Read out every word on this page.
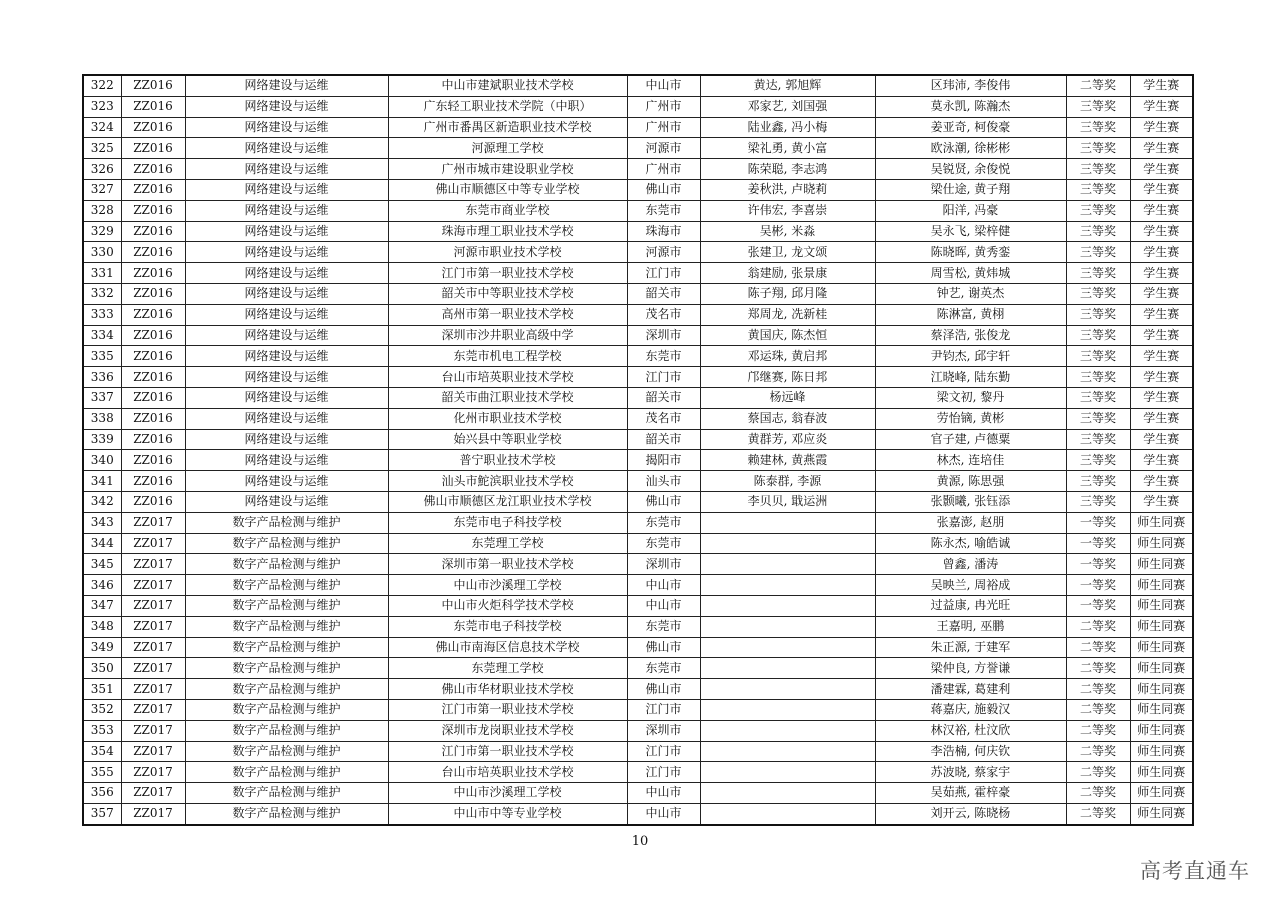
322	ZZ016	网络建设与运维	中山市建斌职业技术学校	中山市	黄达, 郭旭辉	区玮沛, 李俊伟	二等奖	学生赛
323	ZZ016	网络建设与运维	广东轻工职业技术学院（中职）	广州市	邓家艺, 刘国强	莫永凯, 陈瀚杰	三等奖	学生赛
324	ZZ016	网络建设与运维	广州市番禺区新造职业技术学校	广州市	陆业鑫, 冯小梅	姜亚奇, 柯俊豪	三等奖	学生赛
325	ZZ016	网络建设与运维	河源理工学校	河源市	梁礼勇, 黄小富	欧泳潮, 徐彬彬	三等奖	学生赛
326	ZZ016	网络建设与运维	广州市城市建设职业学校	广州市	陈荣聪, 李志鸿	吴锐贤, 余俊悦	三等奖	学生赛
327	ZZ016	网络建设与运维	佛山市顺德区中等专业学校	佛山市	姜秋洪, 卢晓莉	梁仕途, 黄子翔	三等奖	学生赛
328	ZZ016	网络建设与运维	东莞市商业学校	东莞市	许伟宏, 李喜崇	阳洋, 冯豪	三等奖	学生赛
329	ZZ016	网络建设与运维	珠海市理工职业技术学校	珠海市	吴彬, 米淼	吴永飞, 梁梓健	三等奖	学生赛
330	ZZ016	网络建设与运维	河源市职业技术学校	河源市	张建卫, 龙文颂	陈晓晖, 黄秀銮	三等奖	学生赛
331	ZZ016	网络建设与运维	江门市第一职业技术学校	江门市	翁建励, 张景康	周雪松, 黄炜城	三等奖	学生赛
332	ZZ016	网络建设与运维	韶关市中等职业技术学校	韶关市	陈子翔, 邱月隆	钟艺, 谢英杰	三等奖	学生赛
333	ZZ016	网络建设与运维	高州市第一职业技术学校	茂名市	郑周龙, 冼新桂	陈淋富, 黄栩	三等奖	学生赛
334	ZZ016	网络建设与运维	深圳市沙井职业高级中学	深圳市	黄国庆, 陈杰恒	蔡泽浩, 张俊龙	三等奖	学生赛
335	ZZ016	网络建设与运维	东莞市机电工程学校	东莞市	邓运珠, 黄启邦	尹钧杰, 邱宇轩	三等奖	学生赛
336	ZZ016	网络建设与运维	台山市培英职业技术学校	江门市	邝继赛, 陈日邦	江晓峰, 陆东勤	三等奖	学生赛
337	ZZ016	网络建设与运维	韶关市曲江职业技术学校	韶关市	杨远峰	梁文初, 黎丹	三等奖	学生赛
338	ZZ016	网络建设与运维	化州市职业技术学校	茂名市	蔡国志, 翁春波	劳怡镝, 黄彬	三等奖	学生赛
339	ZZ016	网络建设与运维	始兴县中等职业学校	韶关市	黄群芳, 邓应炎	官子建, 卢德粟	三等奖	学生赛
340	ZZ016	网络建设与运维	普宁职业技术学校	揭阳市	赖建林, 黄燕霞	林杰, 连培佳	三等奖	学生赛
341	ZZ016	网络建设与运维	汕头市鮀滨职业技术学校	汕头市	陈泰群, 李源	黄源, 陈思强	三等奖	学生赛
342	ZZ016	网络建设与运维	佛山市顺德区龙江职业技术学校	佛山市	李贝贝, 戢运洲	张颢曦, 张钰添	三等奖	学生赛
343	ZZ017	数字产品检测与维护	东莞市电子科技学校	东莞市		张嘉澎, 赵朋	一等奖	师生同赛
344	ZZ017	数字产品检测与维护	东莞理工学校	东莞市		陈永杰, 喻皓诚	一等奖	师生同赛
345	ZZ017	数字产品检测与维护	深圳市第一职业技术学校	深圳市		曾鑫, 潘涛	一等奖	师生同赛
346	ZZ017	数字产品检测与维护	中山市沙溪理工学校	中山市		吴映兰, 周裕成	一等奖	师生同赛
347	ZZ017	数字产品检测与维护	中山市火炬科学技术学校	中山市		过益康, 冉光旺	一等奖	师生同赛
348	ZZ017	数字产品检测与维护	东莞市电子科技学校	东莞市		王嘉明, 巫鹏	二等奖	师生同赛
349	ZZ017	数字产品检测与维护	佛山市南海区信息技术学校	佛山市		朱正源, 于建军	二等奖	师生同赛
350	ZZ017	数字产品检测与维护	东莞理工学校	东莞市		梁仲良, 方誉谦	二等奖	师生同赛
351	ZZ017	数字产品检测与维护	佛山市华材职业技术学校	佛山市		潘建霖, 葛建利	二等奖	师生同赛
352	ZZ017	数字产品检测与维护	江门市第一职业技术学校	江门市		蒋嘉庆, 施毅汉	二等奖	师生同赛
353	ZZ017	数字产品检测与维护	深圳市龙岗职业技术学校	深圳市		林汉裕, 杜汶欣	二等奖	师生同赛
354	ZZ017	数字产品检测与维护	江门市第一职业技术学校	江门市		李浩楠, 何庆钦	二等奖	师生同赛
355	ZZ017	数字产品检测与维护	台山市培英职业技术学校	江门市		苏波晓, 蔡家宇	二等奖	师生同赛
356	ZZ017	数字产品检测与维护	中山市沙溪理工学校	中山市		吴茹燕, 霍梓豪	二等奖	师生同赛
357	ZZ017	数字产品检测与维护	中山市中等专业学校	中山市		刘开云, 陈晓杨	二等奖	师生同赛
10
高考直通车
